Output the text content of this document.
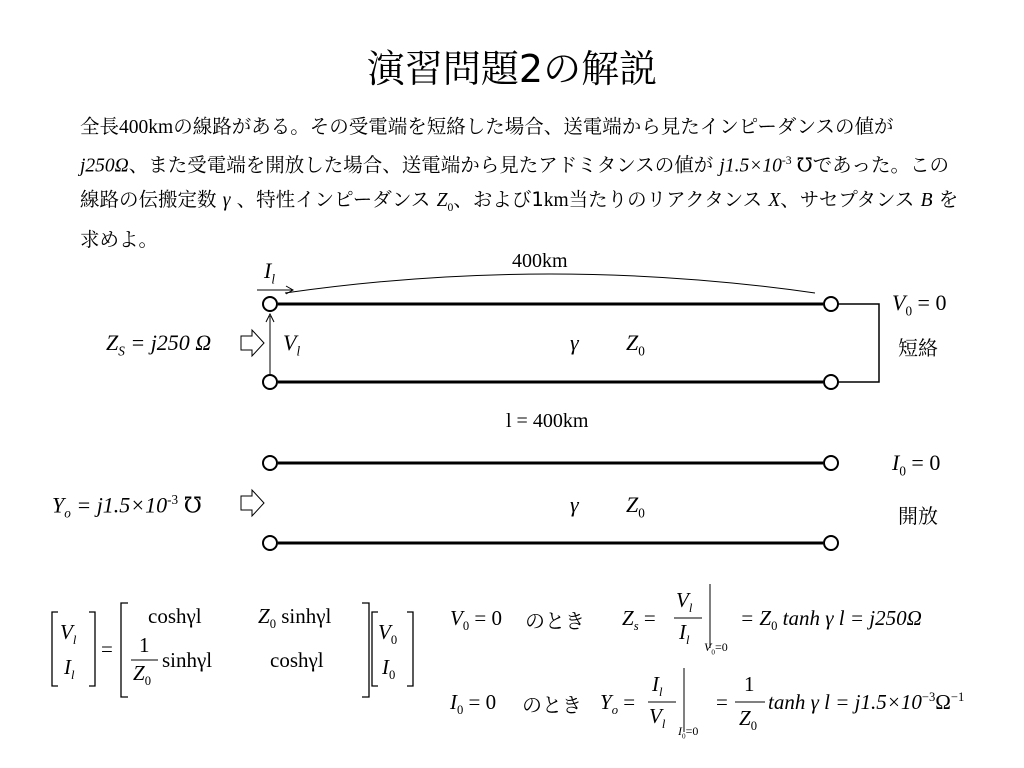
演習問題2の解説
全長400kmの線路がある。その受電端を短絡した場合、送電端から見たインピーダンスの値が j250Ω、また受電端を開放した場合、送電端から見たアドミタンスの値が $j1.5\times 10^{-3}$ ℧であった。この線路の伝搬定数 γ 、特性インピーダンス $Z_0$、および1km当たりのリアクタンス X、サセプタンス B を求めよ。
400km
$I_l$
$Z_S = j250$ Ω	$V_l$	γ $Z_0$
$V_0 = 0$
短絡
l = 400km
$Y_o = j1.5\times 10^{-3}$ ℧	γ $Z_0$
$I_0 = 0$
開放
$V_l$
$I_l$
=
coshγl	$Z_0$ sinhγl
1
$Z_0$
sinhγl	coshγl
$V_0$
$I_0$
$V_0 = 0$ のとき $Z_s$ =
$V_l$
$I_l$ $V_0=0$
= $Z_0$ tanh γ l = j250Ω
$I_0 = 0$ のとき $Y_o$ =
$I_l$
$V_l$ $I_0=0$
=
1
$Z_0$
tanh γ $l = j1.5\times 10^{-3}\Omega^{-1}$
